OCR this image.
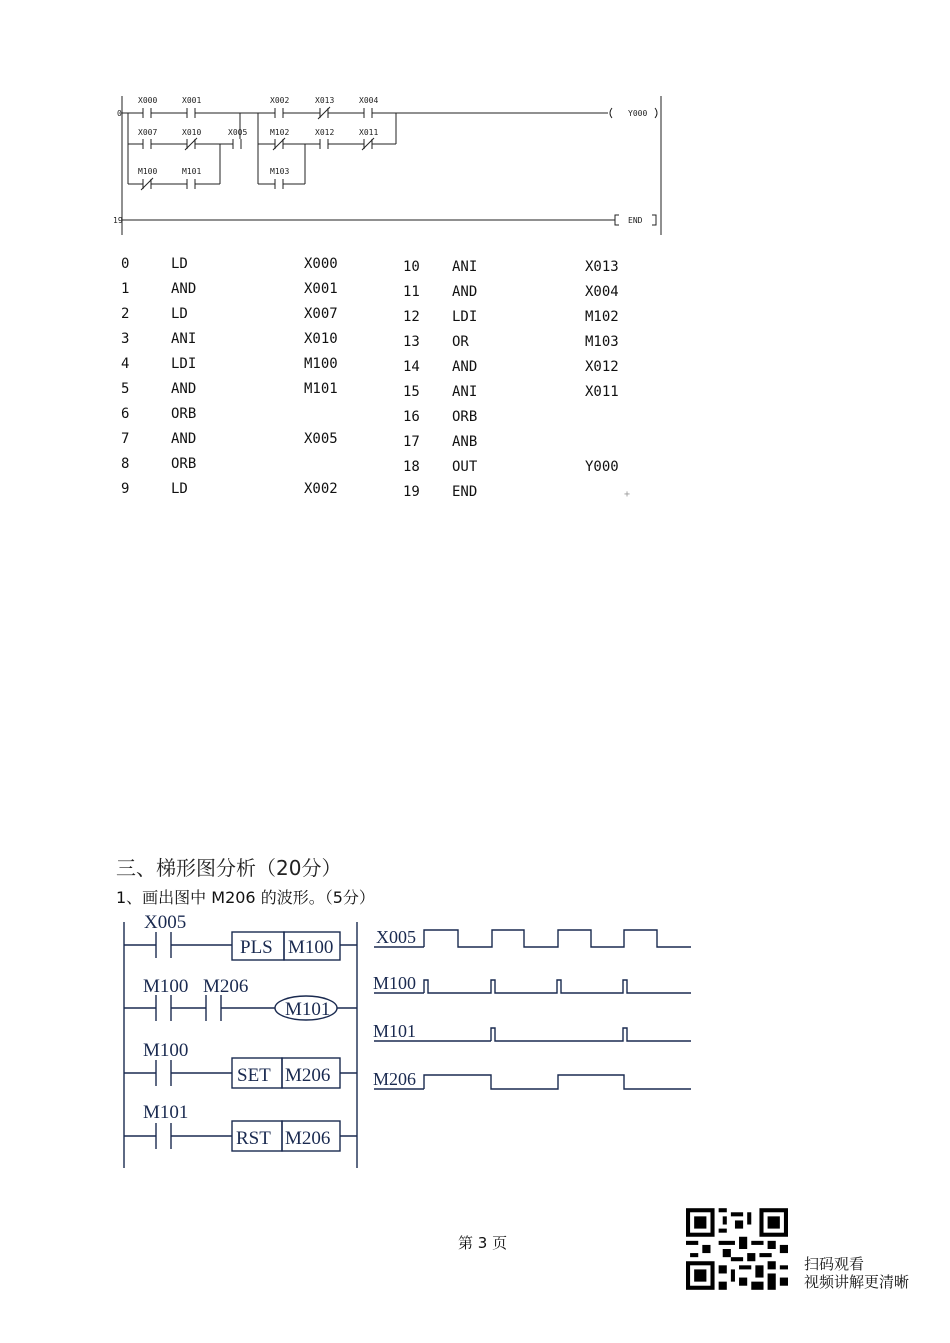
0
19
X000	X001	X002	X013	X004
X007	X010	X005	M102	X012	X011
M100	M101	M103
Y000
END
0	LD	X000
1	AND	X001
2	LD	X007
3	ANI	X010
4	LDI	M100
5	AND	M101
6	ORB
7	AND	X005
8	ORB
9	LD	X002
10 ANI	X013
11 AND	X004
12 LDI	M102
13 OR	M103
14 AND	X012
15 ANI	X011
16 ORB
17 ANB
18 OUT	Y000
19 END	+
三、梯形图分析（20分）
1、画出图中 M206 的波形。（5分）
X005
PLS M100
M100 M206
M101
M100
SET M206
M101
RST M206
X005
M100
M101
M206
第 3 页
扫码观看
视频讲解更清晰
